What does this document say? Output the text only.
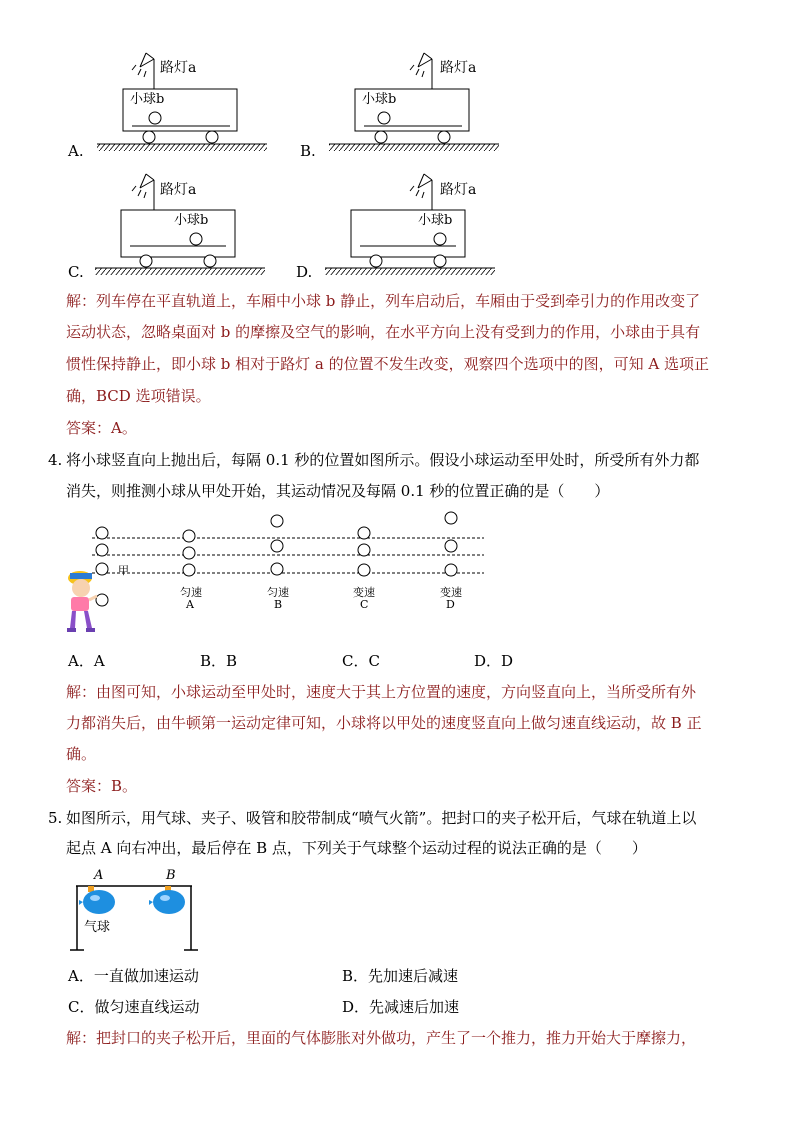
路灯a
小球b
路灯a
小球b
路灯a
小球b
路灯a
小球b
A.	B.
C.	D.
解：列车停在平直轨道上，车厢中小球 b 静止，列车启动后，车厢由于受到牵引力的作用改变了
运动状态，忽略桌面对 b 的摩擦及空气的影响，在水平方向上没有受到力的作用，小球由于具有
惯性保持静止，即小球 b 相对于路灯 a 的位置不发生改变，观察四个选项中的图，可知 A 选项正
确，BCD 选项错误。
答案：A。
4. 将小球竖直向上抛出后，每隔 0.1 秒的位置如图所示。假设小球运动至甲处时，所受所有外力都
消失，则推测小球从甲处开始，其运动情况及每隔 0.1 秒的位置正确的是（　　）
甲
匀速
A
匀速
B
变速
C
变速
D
A．A	B．B	C．C	D．D
解：由图可知，小球运动至甲处时，速度大于其上方位置的速度，方向竖直向上，当所受所有外
力都消失后，由牛顿第一运动定律可知，小球将以甲处的速度竖直向上做匀速直线运动，故 B 正
确。
答案：B。
5. 如图所示，用气球、夹子、吸管和胶带制成“喷气火箭”。把封口的夹子松开后，气球在轨道上以
起点 A 向右冲出，最后停在 B 点，下列关于气球整个运动过程的说法正确的是（　　）
A	B
气球
A．一直做加速运动	B．先加速后减速
C．做匀速直线运动	D．先减速后加速
解：把封口的夹子松开后，里面的气体膨胀对外做功，产生了一个推力，推力开始大于摩擦力，
